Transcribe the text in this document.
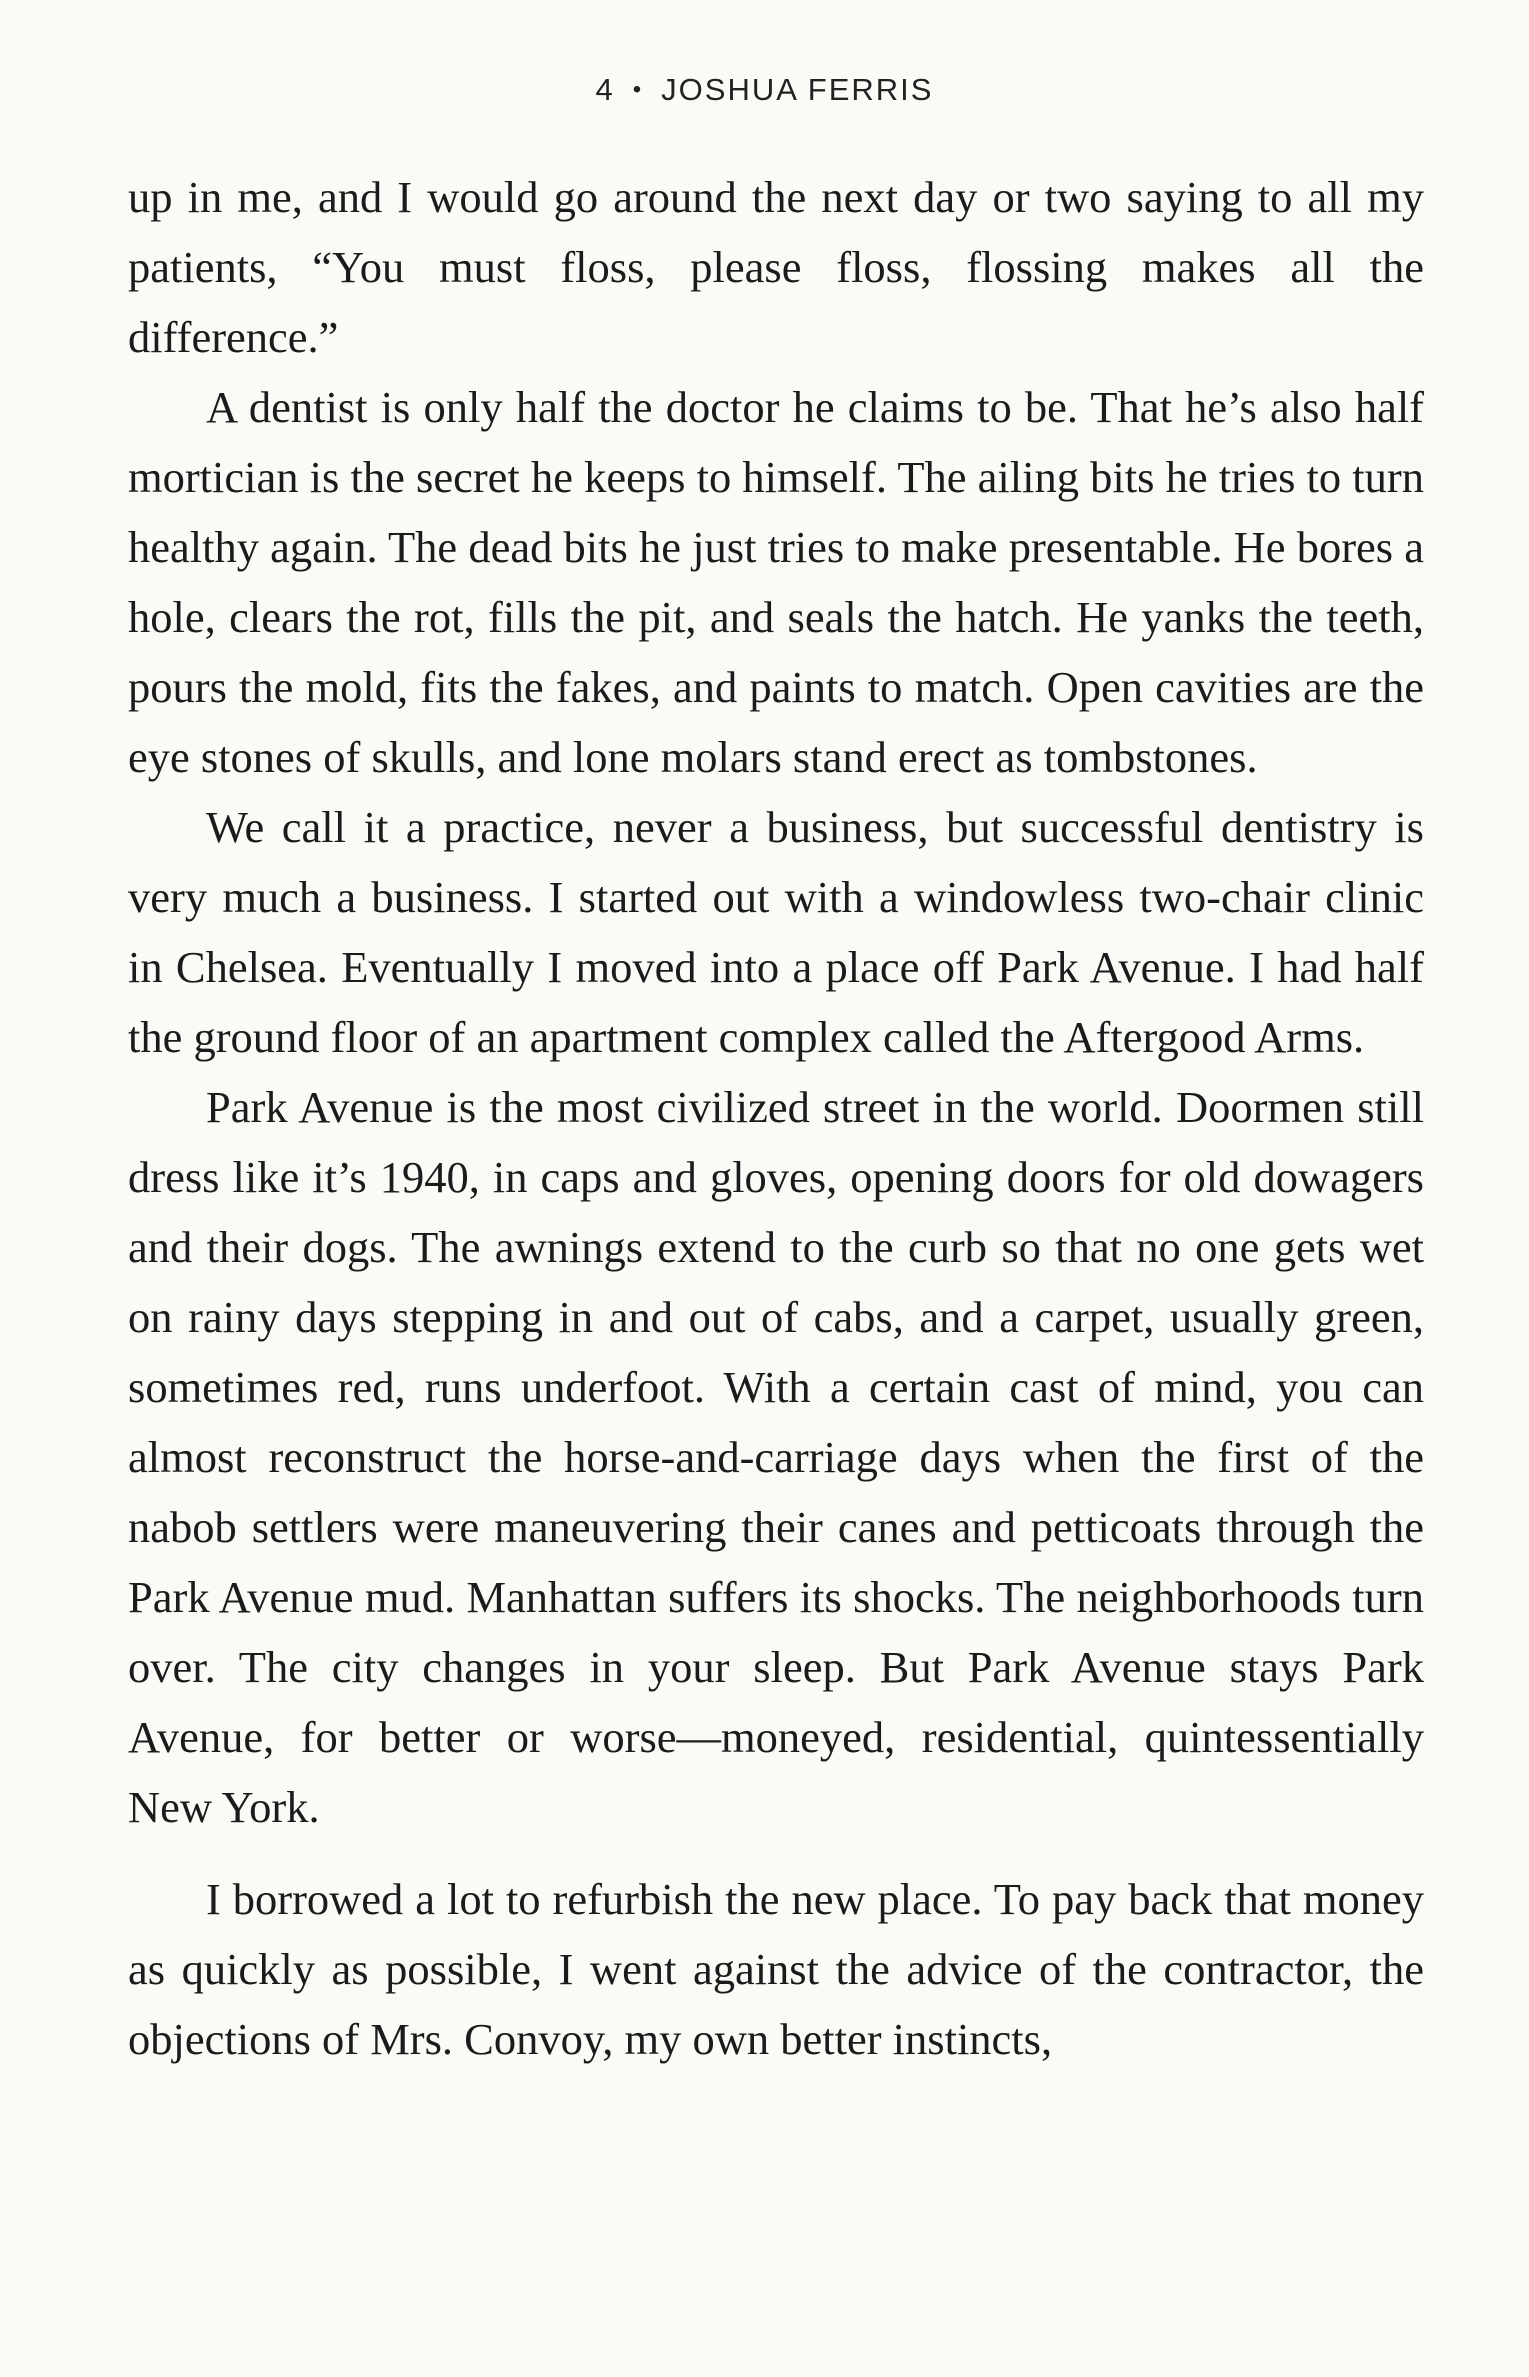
4 • JOSHUA FERRIS

up in me, and I would go around the next day or two saying to all my patients, “You must floss, please floss, flossing makes all the difference.”

A dentist is only half the doctor he claims to be. That he’s also half mortician is the secret he keeps to himself. The ailing bits he tries to turn healthy again. The dead bits he just tries to make presentable. He bores a hole, clears the rot, fills the pit, and seals the hatch. He yanks the teeth, pours the mold, fits the fakes, and paints to match. Open cavities are the eye stones of skulls, and lone molars stand erect as tombstones.

We call it a practice, never a business, but successful dentistry is very much a business. I started out with a windowless two-chair clinic in Chelsea. Eventually I moved into a place off Park Avenue. I had half the ground floor of an apartment complex called the Aftergood Arms.

Park Avenue is the most civilized street in the world. Doormen still dress like it’s 1940, in caps and gloves, opening doors for old dowagers and their dogs. The awnings extend to the curb so that no one gets wet on rainy days stepping in and out of cabs, and a carpet, usually green, sometimes red, runs underfoot. With a certain cast of mind, you can almost reconstruct the horse-and-carriage days when the first of the nabob settlers were maneuvering their canes and petticoats through the Park Avenue mud. Manhattan suffers its shocks. The neighborhoods turn over. The city changes in your sleep. But Park Avenue stays Park Avenue, for better or worse—moneyed, residential, quintessentially New York.

I borrowed a lot to refurbish the new place. To pay back that money as quickly as possible, I went against the advice of the contractor, the objections of Mrs. Convoy, my own better instincts,
